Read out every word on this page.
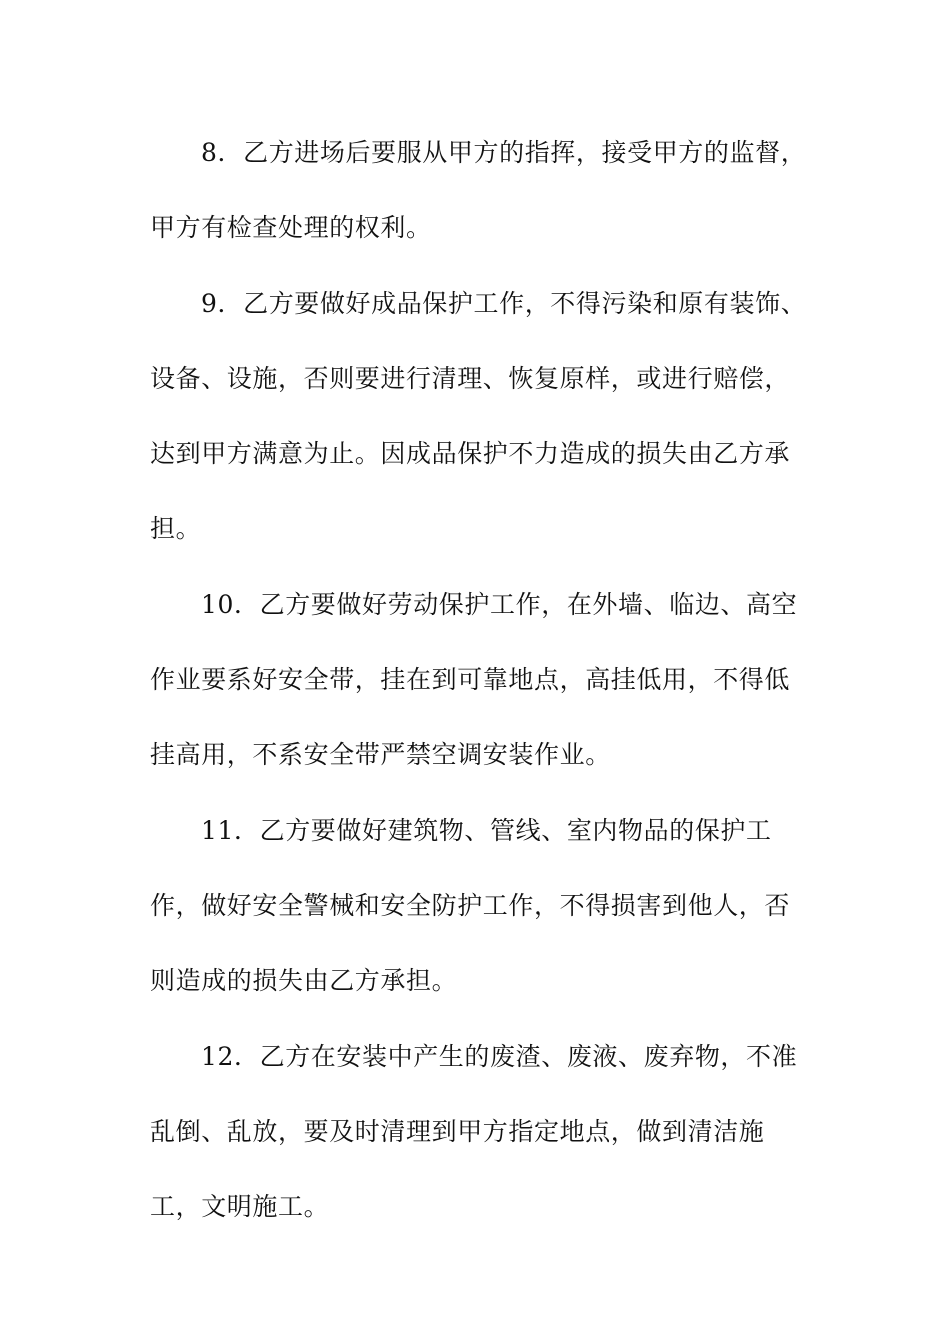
8．乙方进场后要服从甲方的指挥，接受甲方的监督，
甲方有检查处理的权利。
9．乙方要做好成品保护工作，不得污染和原有装饰、
设备、设施，否则要进行清理、恢复原样，或进行赔偿，
达到甲方满意为止。因成品保护不力造成的损失由乙方承
担。
10．乙方要做好劳动保护工作，在外墙、临边、高空
作业要系好安全带，挂在到可靠地点，高挂低用，不得低
挂高用，不系安全带严禁空调安装作业。
11．乙方要做好建筑物、管线、室内物品的保护工
作，做好安全警械和安全防护工作，不得损害到他人，否
则造成的损失由乙方承担。
12．乙方在安装中产生的废渣、废液、废弃物，不准
乱倒、乱放，要及时清理到甲方指定地点，做到清洁施
工，文明施工。
